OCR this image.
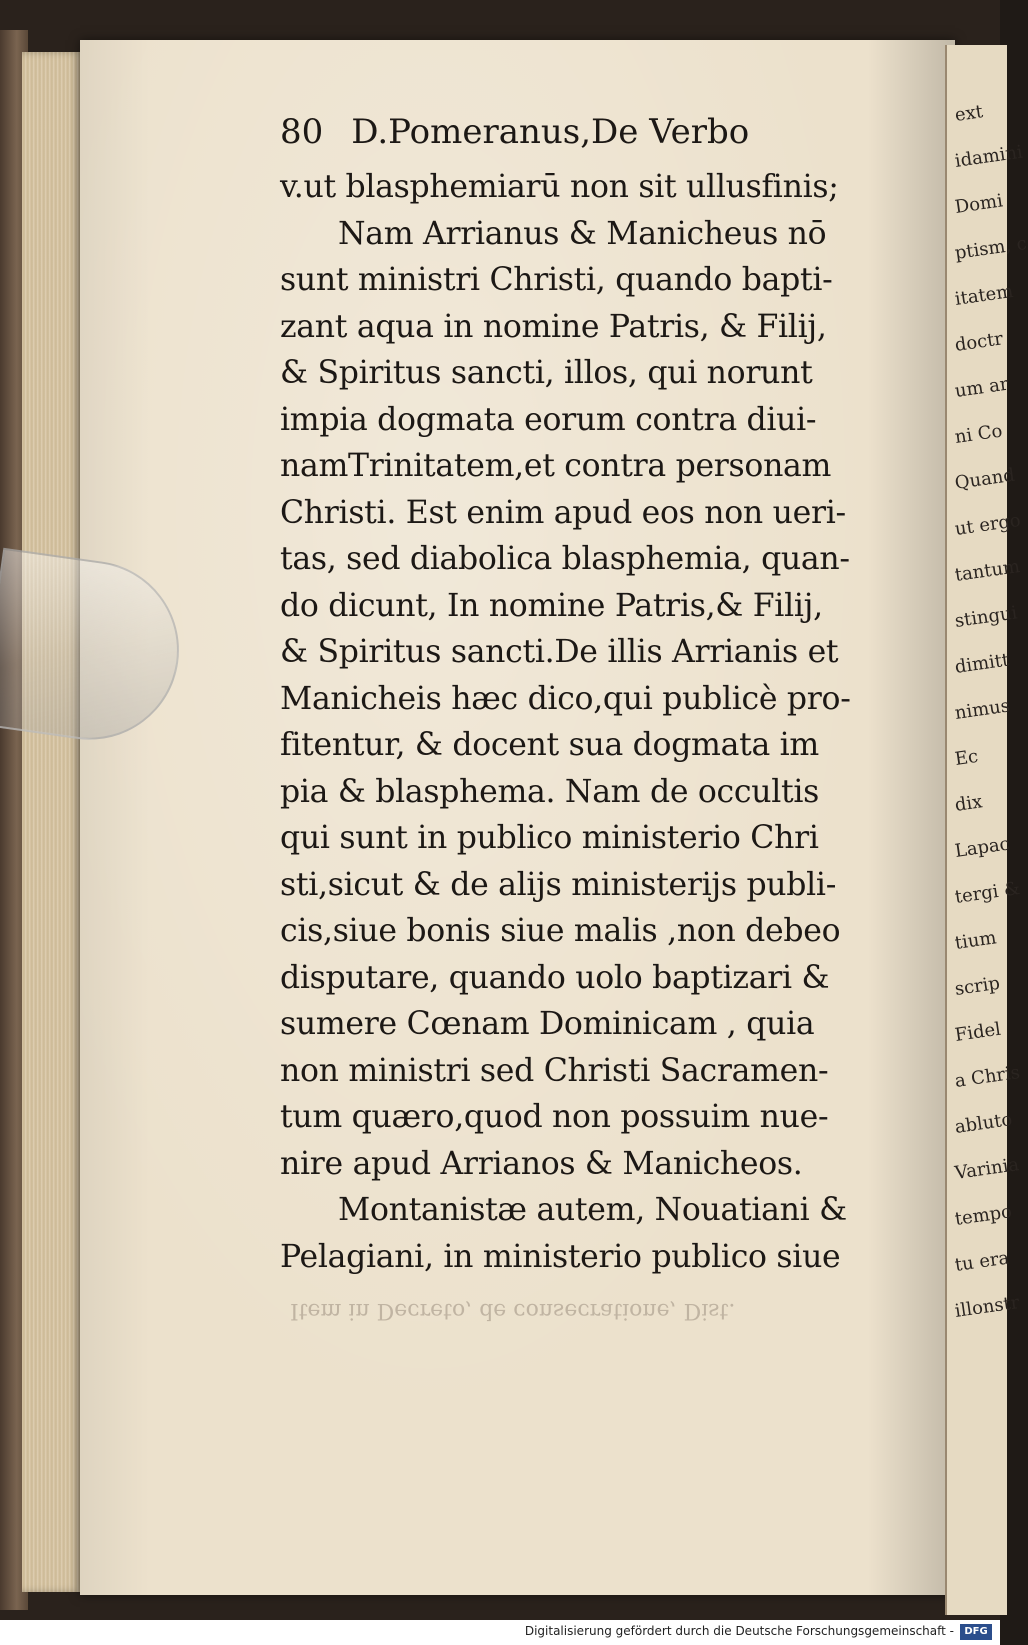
ext
idamini
Domi
ptism, c
itatem
doctr
um ar
ni Co
Quand
ut ergo
tantum
stingui
dimitt
nimus
Ec
dix
Lapac
tergi &
tium
scrip
Fidel
a Chris
abluto
Varinia
tempo
tu era
illonstr
80 D.Pomeranus,De Verbo
v.ut blasphemiarū non sit ullusfinis;
Nam Arrianus & Manicheus nō
sunt ministri Christi, quando bapti-
zant aqua in nomine Patris, & Filij,
& Spiritus sancti, illos, qui norunt
impia dogmata eorum contra diui-
namTrinitatem,et contra personam
Christi. Est enim apud eos non ueri-
tas, sed diabolica blasphemia, quan-
do dicunt, In nomine Patris,& Filij,
& Spiritus sancti.De illis Arrianis et
Manicheis hæc dico,qui publicè pro-
fitentur, & docent sua dogmata im
pia & blasphema. Nam de occultis
qui sunt in publico ministerio Chri
sti,sicut & de alijs ministerijs publi-
cis,siue bonis siue malis ,non debeo
disputare, quando uolo baptizari &
sumere Cœnam Dominicam , quia
non ministri sed Christi Sacramen-
tum quæro,quod non possuim nue-
nire apud Arrianos & Manicheos.
Montanistæ autem, Nouatiani &
Pelagiani, in ministerio publico siue
Item in Decreto, de consecratione, Dist.
Digitalisierung gefördert durch die Deutsche Forschungsgemeinschaft -	DFG
